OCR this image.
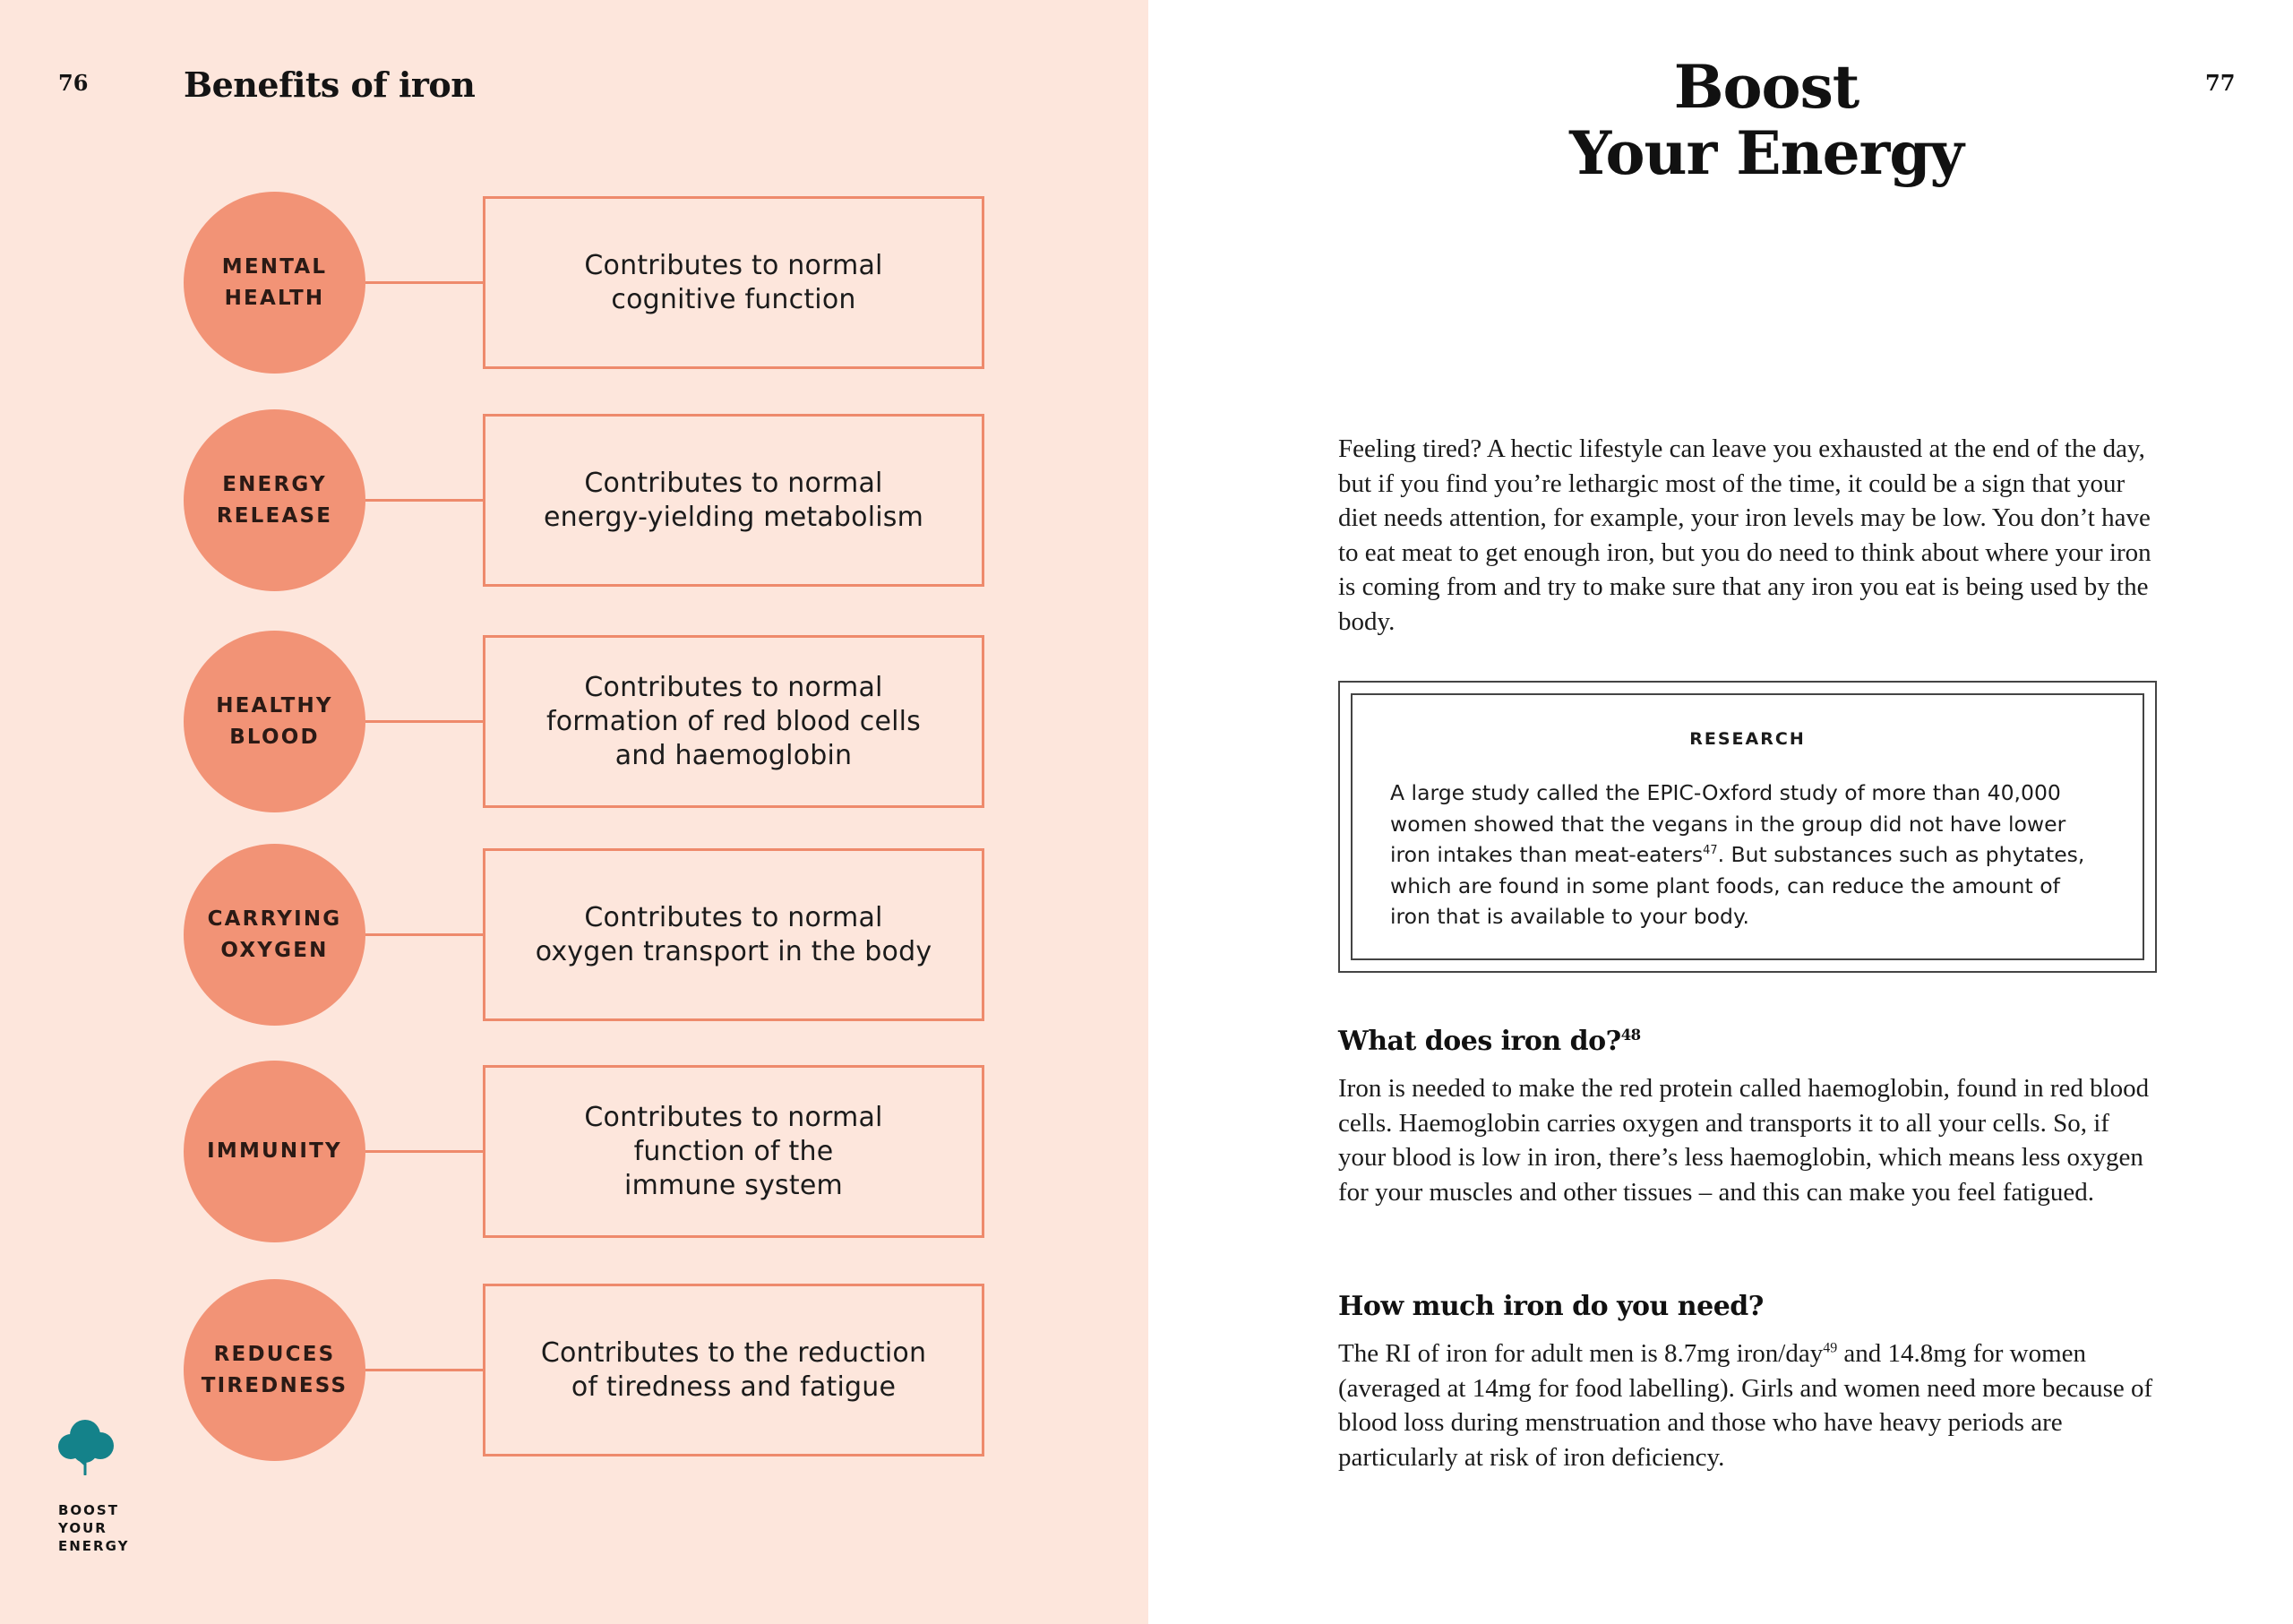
76	Benefits of iron
MENTAL
HEALTH
Contributes to normal
cognitive function
ENERGY
RELEASE
Contributes to normal
energy-yielding metabolism
HEALTHY
BLOOD
Contributes to normal
formation of red blood cells
and haemoglobin
CARRYING
OXYGEN
Contributes to normal
oxygen transport in the body
IMMUNITY
Contributes to normal
function of the
immune system
REDUCES
TIREDNESS
Contributes to the reduction
of tiredness and fatigue
BOOST
YOUR
ENERGY
77
Boost
Your Energy

Feeling tired? A hectic lifestyle can leave you exhausted at the end of the day, but if you find you’re lethargic most of the time, it could be a sign that your diet needs attention, for example, your iron levels may be low. You don’t have to eat meat to get enough iron, but you do need to think about where your iron is coming from and try to make sure that any iron you eat is being used by the body.

RESEARCH

A large study called the EPIC-Oxford study of more than 40,000 women showed that the vegans in the group did not have lower iron intakes than meat-eaters$^{47}$. But substances such as phytates, which are found in some plant foods, can reduce the amount of iron that is available to your body.

What does iron do?$^{48}$

Iron is needed to make the red protein called haemoglobin, found in red blood cells. Haemoglobin carries oxygen and transports it to all your cells. So, if your blood is low in iron, there’s less haemoglobin, which means less oxygen for your muscles and other tissues – and this can make you feel fatigued.

How much iron do you need?

The RI of iron for adult men is 8.7mg iron/day$^{49}$ and 14.8mg for women (averaged at 14mg for food labelling). Girls and women need more because of blood loss during menstruation and those who have heavy periods are particularly at risk of iron deficiency.
